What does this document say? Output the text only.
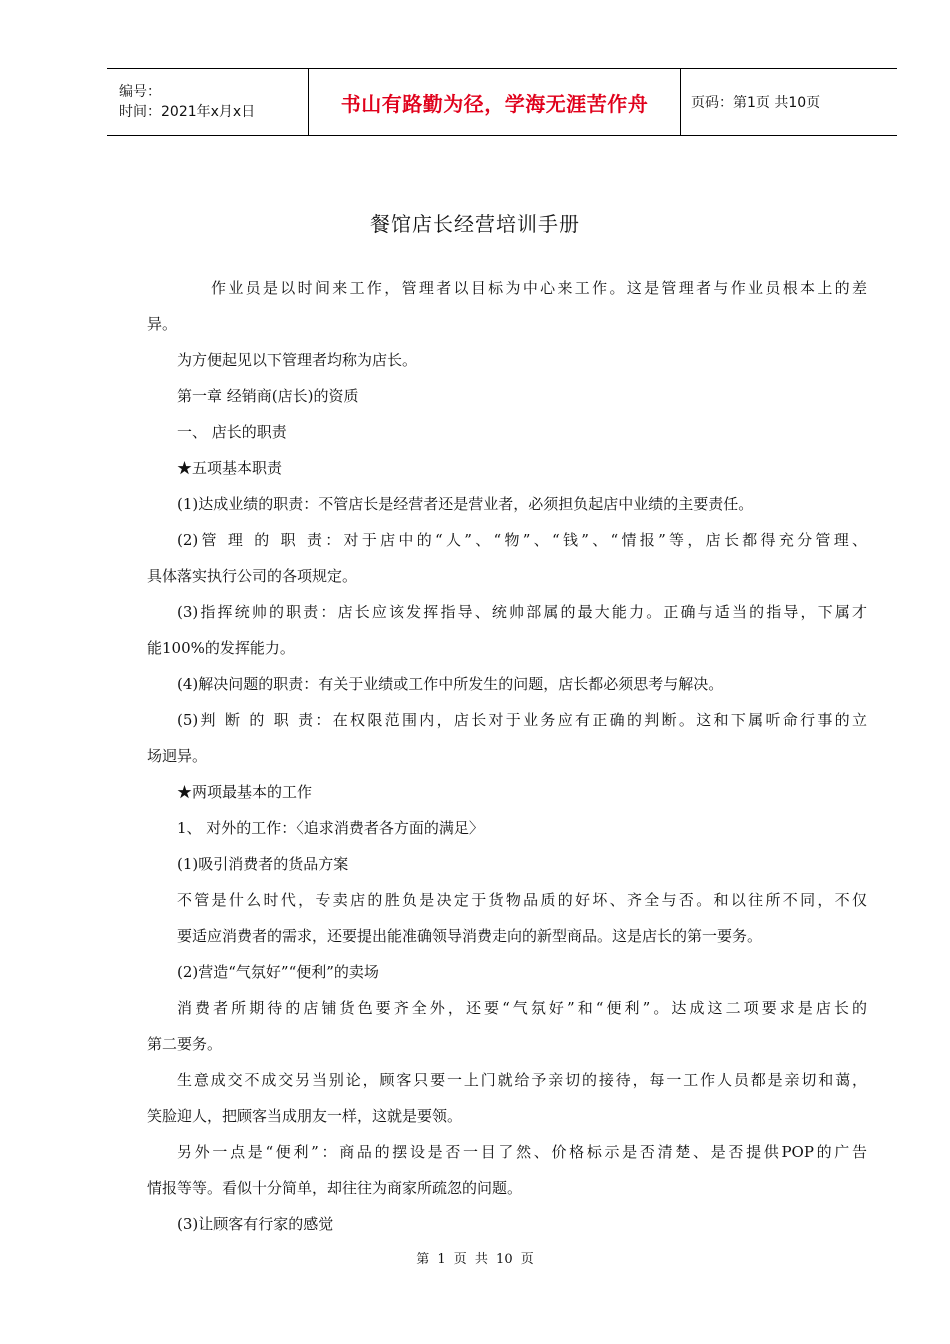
编号：
时间：2021年x月x日	书山有路勤为径，学海无涯苦作舟	页码：第1页 共10页
餐馆店长经营培训手册

作业员是以时间来工作，管理者以目标为中心来工作。这是管理者与作业员根本上的差

异。

为方便起见以下管理者均称为店长。

第一章 经销商(店长)的资质

一、 店长的职责

★五项基本职责

(1)达成业绩的职责：不管店长是经营者还是营业者，必须担负起店中业绩的主要责任。

(2)管 理 的 职 责：对于店中的“人”、“物”、“钱”、“情报”等，店长都得充分管理、

具体落实执行公司的各项规定。

(3)指挥统帅的职责：店长应该发挥指导、统帅部属的最大能力。正确与适当的指导，下属才

能100%的发挥能力。

(4)解决问题的职责：有关于业绩或工作中所发生的问题，店长都必须思考与解决。

(5)判 断 的 职 责：在权限范围内，店长对于业务应有正确的判断。这和下属听命行事的立

场迥异。

★两项最基本的工作

1、 对外的工作：〈追求消费者各方面的满足〉

(1)吸引消费者的货品方案

不管是什么时代，专卖店的胜负是决定于货物品质的好坏、齐全与否。和以往所不同，不仅

要适应消费者的需求，还要提出能准确领导消费走向的新型商品。这是店长的第一要务。

(2)营造“气氛好”“便利”的卖场

消费者所期待的店铺货色要齐全外，还要“气氛好”和“便利”。达成这二项要求是店长的

第二要务。

生意成交不成交另当别论，顾客只要一上门就给予亲切的接待，每一工作人员都是亲切和蔼，

笑脸迎人，把顾客当成朋友一样，这就是要领。

另外一点是“便利”：商品的摆设是否一目了然、价格标示是否清楚、是否提供POP的广告

情报等等。看似十分简单，却往往为商家所疏忽的问题。

(3)让顾客有行家的感觉

第 1 页 共 10 页
